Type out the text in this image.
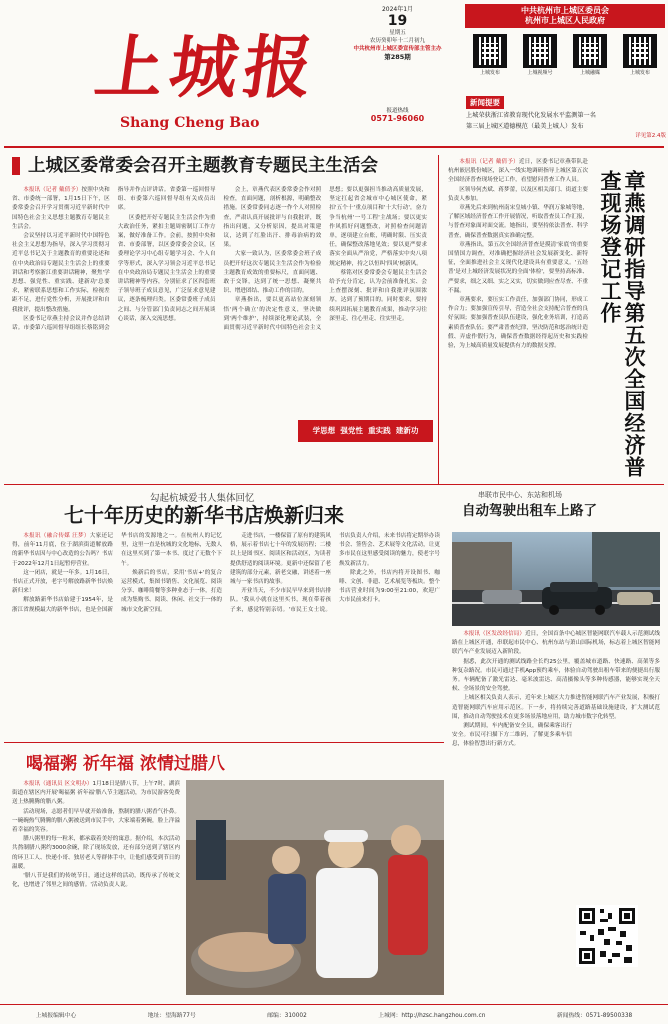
上城报
Shang Cheng Bao
2024年1月
19
星期五
农历癸卯年十二月初九
中共杭州市上城区委宣传部主管主办
第285期
报道热线
0571-96060
中共杭州市上城区委员会
杭州市上城区人民政府
上城发布	上城视频号	上城融媒	上城发布
新闻提要
上城荣获浙江省教育现代化发展水平监测第一名
第三届上城区道德模范（最美上城人）发布
详见第2.4版
上城区委常委会召开主题教育专题民主生活会

本报讯（记者 戴倩予）按照中央和省、市委统一部署，1月15日下午，区委常委会召开学习贯彻习近平新时代中国特色社会主义思想主题教育专题民主生活会。

会议坚持以习近平新时代中国特色社会主义思想为指导，深入学习贯彻习近平总书记关于主题教育的重要论述和在中央政治局专题民主生活会上的重要讲话和考察浙江重要讲话精神，聚焦'学思想、强党性、重实践、建新功'总要求，紧密联系思想和工作实际，检视差距不足，进行党性分析，开展批评和自我批评，提出整改措施。

区委书记章燕主持会议并作总结讲话。市委第六巡回督导组组长蔡铭到会指导并作点评讲话。省委第一巡回督导组、市委第六巡回督导组有关成员出席。

区委把开好专题民主生活会作为重大政治任务，紧扣主题周密制订工作方案，做好准备工作。会前，按照中央和省、市委部署，以区委常委会会议，区委理论学习中心组专题学习会、个人自学等形式，深入学习领会习近平总书记在中央政治局专题民主生活会上的重要讲话精神等内容，分别征求了区四套班子领导班子成员意见，广泛征求意见建议，逐条梳理归类。区委常委班子成员之间、与分管部门负责同志之间开展谈心谈话，深入交流思想。

会上，章燕代表区委常委会作对照检查，直面问题，剖析根源，明确整改措施。区委常委同志逐一作个人对照检查，严肃认真开展批评与自我批评，既指出问题，又分析原因，提出对策建议，达到了红脸出汗、排毒治病的效果。

大家一致认为，区委常委会班子成员把开好这次专题民主生活会作为检验主题教育成效的重要标尺，直面问题、敢于交锋，达到了统一思想、凝聚共识、增进团结、推动工作的目的。

章燕指出，要以更高站位深刻领悟'两个确立'的决定性意义，坚决做到'两个维护'，持续深化理论武装，全面贯彻习近平新时代中国特色社会主义思想；要以更强担当推动高质量发展，坚定扛起省会城市中心城区使命，紧扣'五个十'重点项目和'十大行动'，奋力争当杭州'一号工程'主战场；要以更实作风抓好问题整改，对照检查问题清单，逐项建立台账，明确时限、压实责任，确保整改落地见效；要以更严要求落实全面从严治党，严格落实中央八项规定精神，持之以恒纠'四风'树新风。

蔡铭对区委常委会专题民主生活会给予充分肯定，认为会前准备扎实、会上查摆深刻、批评和自我批评氛围浓厚，达到了预期目的。同时要求，要持续巩固拓展主题教育成果，推动学习往深里走、往心里走、往实里走。

学思想 强党性 重实践 建新功

本报讯（记者 戴倩予）近日，区委书记章燕带队赴杭州嵌居股份城区，深入一线实地调研指导上城区第五次全国经济普查现场登记工作，看望慰问普查工作人员。

区领导何杰斌、蒋梦蕾，以及区相关部门、街道主要负责人参加。

章燕先后来到杭州南宋皇城小镇、华润万象城等地，了解区域经济普查工作开展情况，听取普查员工作汇报，与普查对象面对面交流。她指出，要坚持依法普查、科学普查，确保普查数据真实准确完整。

章燕指出，第五次全国经济普查是摸清'家底'的重要国情国力调查，对准确把握经济社会发展新变化、新特征，全面推进社会主义现代化建设具有重要意义。'五经普'是对上城经济发展状况的全面'体检'，要坚持高标准、严要求，细之又细、实之又实，切实做到应查尽查、不重不漏。

章燕要求，要压实工作责任，加强部门协同，形成工作合力；要加强宣传引导，营造全社会支持配合普查的良好氛围；要加强普查员队伍建设，强化业务培训，打造高素质普查队伍；要严肃普查纪律，坚决防范和惩治统计造假、弄虚作假行为，确保普查数据经得起历史和实践检验，为上城高质量发展提供有力的数据支撑。	章燕调研指导第五次全国经济普查现场登记工作
勾起杭城爱书人集体回忆
七十年历史的新华书店焕新归来

本报讯（融合传媒 汪梦）大家还记得，前年11月底，位于湖滨街道解放路的新华书店因与中心改造的公告吗？书店于2022年12月1日起暂停营业。

这一闭店，就是一年多。1月16日，书店正式开放，老字号解放路新华书店焕新归来！

解放路新华书店始建于1954年，是浙江省规模最大的新华书店，也是全国新华书店的发源地之一。在杭州人的记忆里，这里一直是杭城的文化地标，无数人在这里买到了第一本书、度过了无数个下午。

焕新后的书店，采用'书店+'的复合运营模式，集图书销售、文化展览、阅读分享、咖啡简餐等多种业态于一体，打造成为集购书、阅读、休闲、社交于一体的城市文化新空间。

走进书店，一楼保留了原有的建筑风格，展示着书店七十年的发展历程；二楼以上是图书区、阅读区和活动区，为读者提供舒适的阅读环境。更新中还保留了老建筑的部分元素，新老交融，讲述着一座城与一家书店的故事。

开业当天，不少市民早早来到书店排队。'我从小就在这里买书，现在带着孩子来，感觉特别亲切。'市民王女士说。书店负责人介绍，未来书店将定期举办读书会、签售会、艺术展等文化活动，让更多市民在这里感受阅读的魅力，使老字号焕发新活力。

除此之外，书店内将开设图书、咖啡、文创、非遗、艺术展览等板块。整个书店营业时间为9:00至21:00，欢迎广大市民前来打卡。

串联市民中心、东站和机场
自动驾驶出租车上路了

本报讯（区发改经信局）近日，全国首条中心城区智能网联汽车载人示范测试线路在上城区开通，串联起市民中心、杭州东站与萧山国际机场，标志着上城区智能网联汽车产业发展迈入新阶段。

据悉，此次开通的测试线路全长约25公里，覆盖城市道路、快速路、高架等多种复杂路况。市民可通过手机App预约乘车，体验自动驾驶出租车带来的便捷出行服务。车辆配备了激光雷达、毫米波雷达、高清摄像头等多种传感器，能够实现全天候、全场景的安全驾驶。

上城区相关负责人表示，近年来上城区大力推进智能网联汽车产业发展，积极打造智能网联汽车应用示范区。下一步，将持续完善道路基础设施建设，扩大测试范围，推动自动驾驶技术在更多场景落地应用，助力城市数字化转型。

测试期间，车内配备安全员，确保乘客出行安全。市民可扫描下方二维码，了解更多乘车信息，体验智慧出行新方式。

喝福粥 祈年福 浓情过腊八

本报讯（通讯员 区文明办）1月18日是腊八节，上午7时，湖滨街道在辖区内开展'喝福粥 祈年福'腊八节主题活动，为市民游客免费送上热腾腾的腊八粥。

活动现场，志愿者们早早就开始准备，熬制的腊八粥香气扑鼻。一碗碗热气腾腾的腊八粥被送到市民手中，大家端着粥碗，脸上洋溢着幸福的笑容。

腊八粥里的每一粒米，都承载着美好的寓意。据介绍，本次活动共熬制腊八粥约3000余碗，除了现场发放，还有部分送到了辖区内的环卫工人、快递小哥、独居老人等群体手中，让他们感受到节日的温暖。

'腊八节是我们的传统节日，通过这样的活动，既传承了传统文化，也增进了邻里之间的感情。'活动负责人说。

上城报编辑中心	地址：望海路77号	邮编：310002	上城网：http://hzsc.hangzhou.com.cn	新闻热线：0571-89500338
